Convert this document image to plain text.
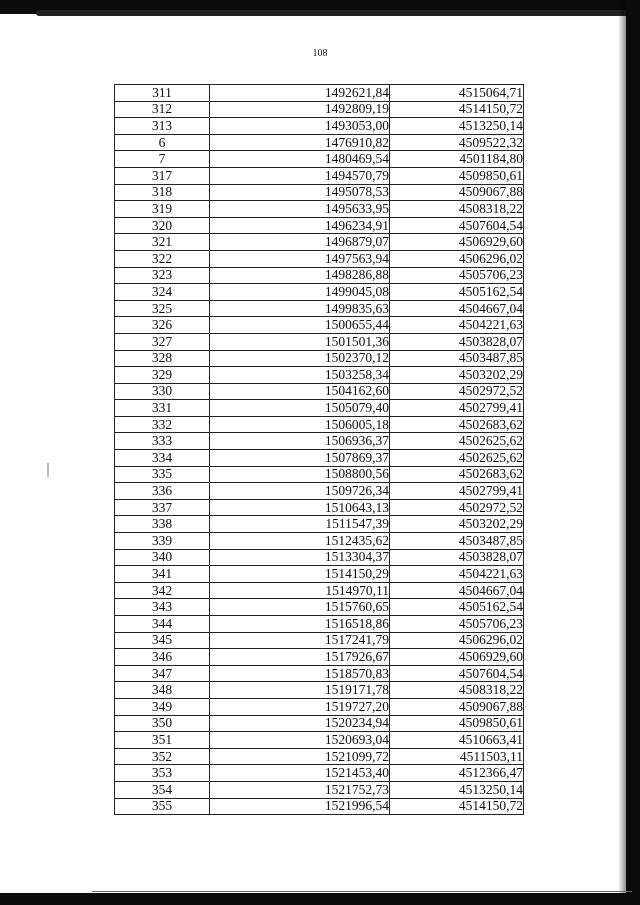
108
311	1492621,84	4515064,71
312	1492809,19	4514150,72
313	1493053,00	4513250,14
6	1476910,82	4509522,32
7	1480469,54	4501184,80
317	1494570,79	4509850,61
318	1495078,53	4509067,88
319	1495633,95	4508318,22
320	1496234,91	4507604,54
321	1496879,07	4506929,60
322	1497563,94	4506296,02
323	1498286,88	4505706,23
324	1499045,08	4505162,54
325	1499835,63	4504667,04
326	1500655,44	4504221,63
327	1501501,36	4503828,07
328	1502370,12	4503487,85
329	1503258,34	4503202,29
330	1504162,60	4502972,52
331	1505079,40	4502799,41
332	1506005,18	4502683,62
333	1506936,37	4502625,62
334	1507869,37	4502625,62
335	1508800,56	4502683,62
336	1509726,34	4502799,41
337	1510643,13	4502972,52
338	1511547,39	4503202,29
339	1512435,62	4503487,85
340	1513304,37	4503828,07
341	1514150,29	4504221,63
342	1514970,11	4504667,04
343	1515760,65	4505162,54
344	1516518,86	4505706,23
345	1517241,79	4506296,02
346	1517926,67	4506929,60
347	1518570,83	4507604,54
348	1519171,78	4508318,22
349	1519727,20	4509067,88
350	1520234,94	4509850,61
351	1520693,04	4510663,41
352	1521099,72	4511503,11
353	1521453,40	4512366,47
354	1521752,73	4513250,14
355	1521996,54	4514150,72
